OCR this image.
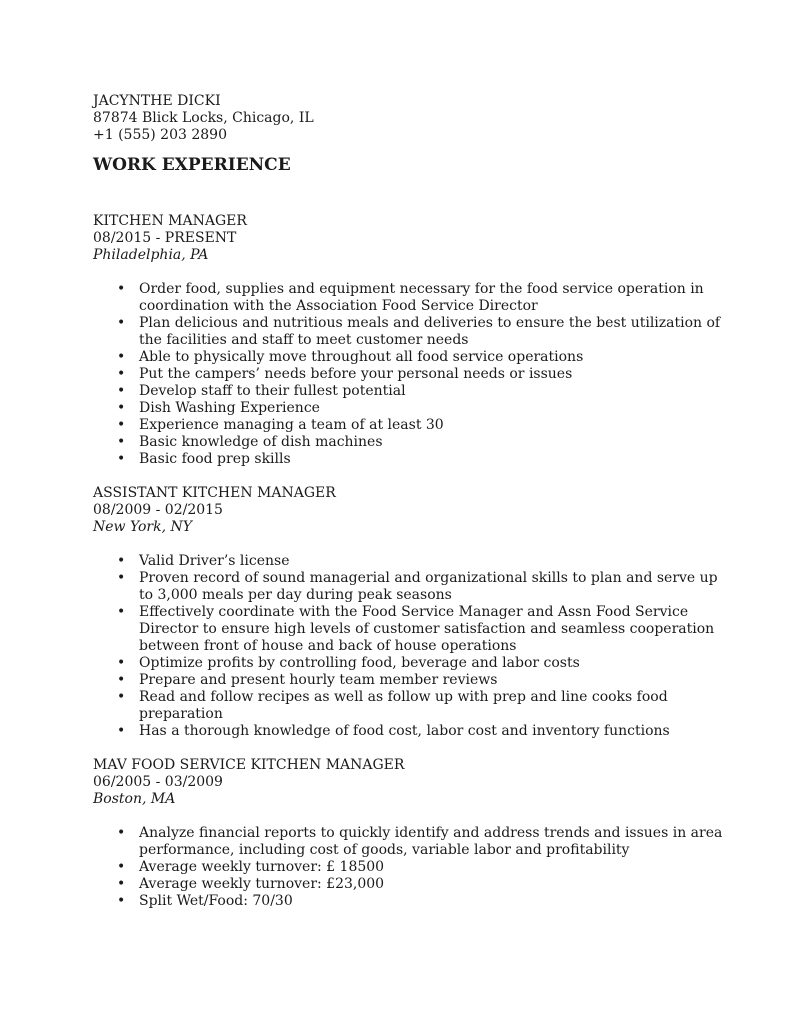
JACYNTHE DICKI

87874 Blick Locks, Chicago, IL

+1 (555) 203 2890

WORK EXPERIENCE

KITCHEN MANAGER

08/2015 - PRESENT

Philadelphia, PA

• Order food, supplies and equipment necessary for the food service operation in coordination with the Association Food Service Director
• Plan delicious and nutritious meals and deliveries to ensure the best utilization of the facilities and staff to meet customer needs
• Able to physically move throughout all food service operations
• Put the campers’ needs before your personal needs or issues
• Develop staff to their fullest potential
• Dish Washing Experience
• Experience managing a team of at least 30
• Basic knowledge of dish machines
• Basic food prep skills

ASSISTANT KITCHEN MANAGER

08/2009 - 02/2015

New York, NY

• Valid Driver’s license
• Proven record of sound managerial and organizational skills to plan and serve up to 3,000 meals per day during peak seasons
• Effectively coordinate with the Food Service Manager and Assn Food Service Director to ensure high levels of customer satisfaction and seamless cooperation between front of house and back of house operations
• Optimize profits by controlling food, beverage and labor costs
• Prepare and present hourly team member reviews
• Read and follow recipes as well as follow up with prep and line cooks food preparation
• Has a thorough knowledge of food cost, labor cost and inventory functions

MAV FOOD SERVICE KITCHEN MANAGER

06/2005 - 03/2009

Boston, MA

• Analyze financial reports to quickly identify and address trends and issues in area performance, including cost of goods, variable labor and profitability
• Average weekly turnover: £ 18500
• Average weekly turnover: £23,000
• Split Wet/Food: 70/30
